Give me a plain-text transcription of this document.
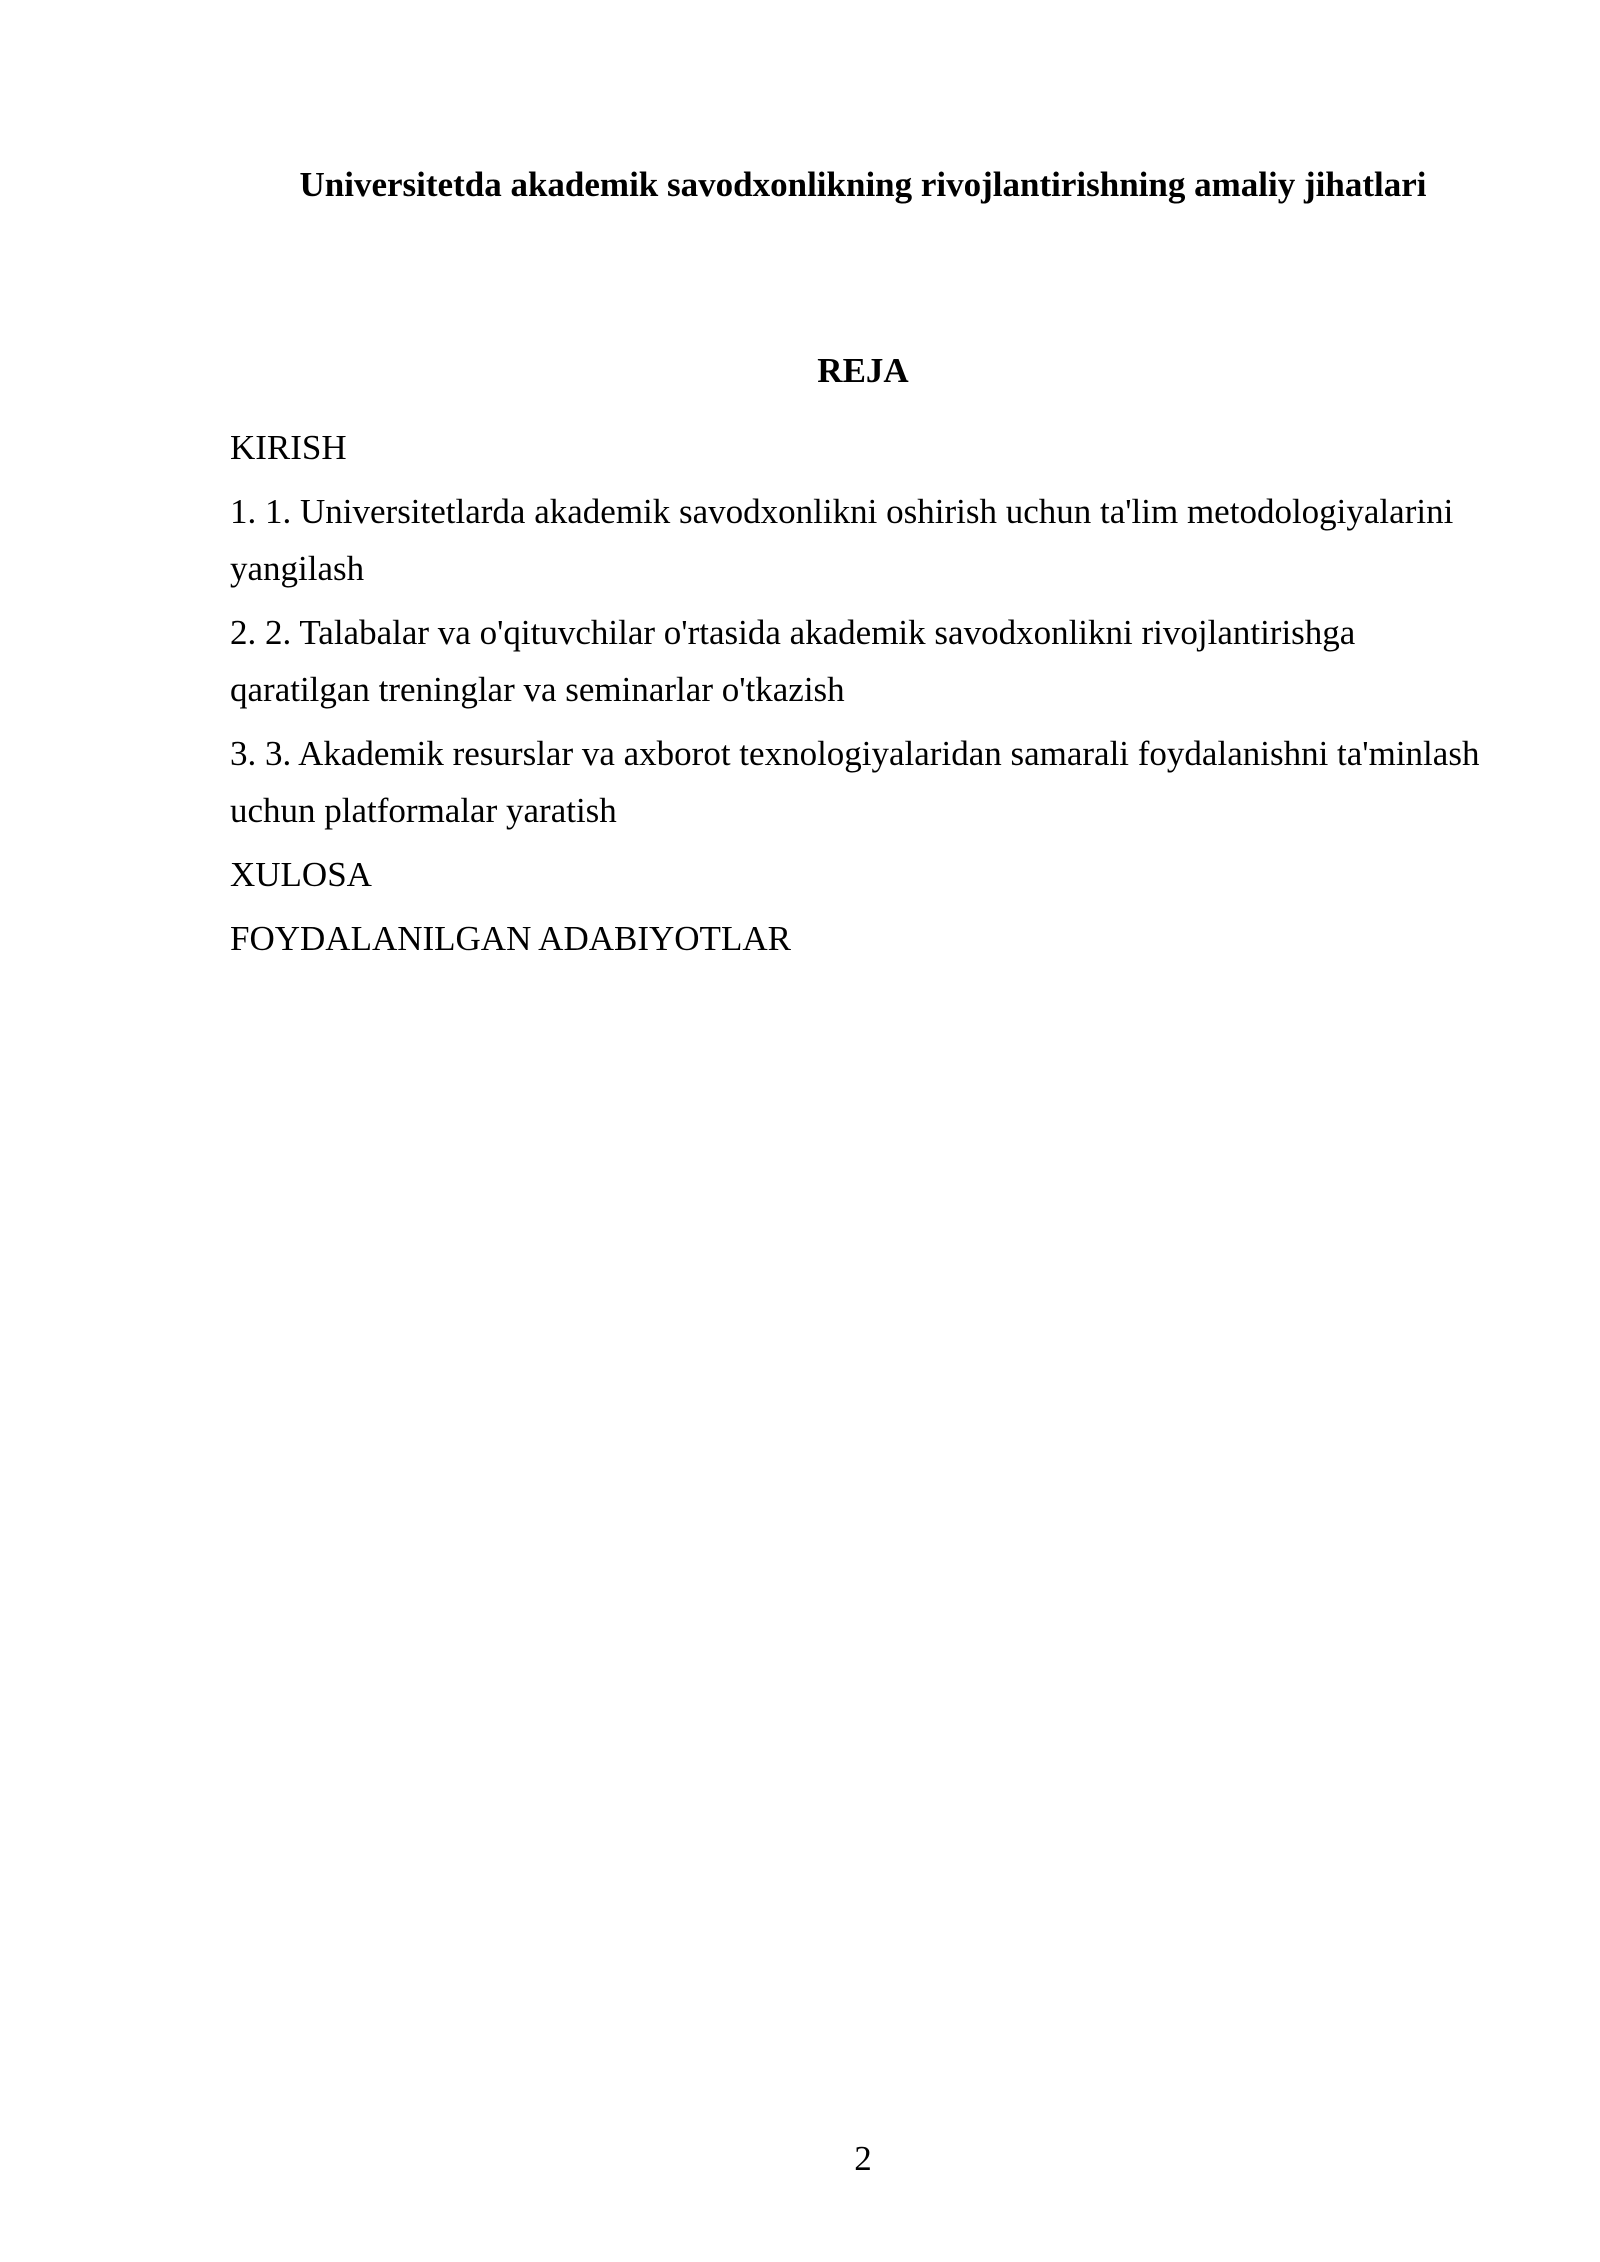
Universitetda akademik savodxonlikning rivojlantirishning amaliy jihatlari
REJA
KIRISH
1. 1. Universitetlarda akademik savodxonlikni oshirish uchun ta'lim metodologiyalarini yangilash
2. 2. Talabalar va o'qituvchilar o'rtasida akademik savodxonlikni rivojlantirishga qaratilgan treninglar va seminarlar o'tkazish
3. 3. Akademik resurslar va axborot texnologiyalaridan samarali foydalanishni ta'minlash uchun platformalar yaratish
XULOSA
FOYDALANILGAN ADABIYOTLAR
2
